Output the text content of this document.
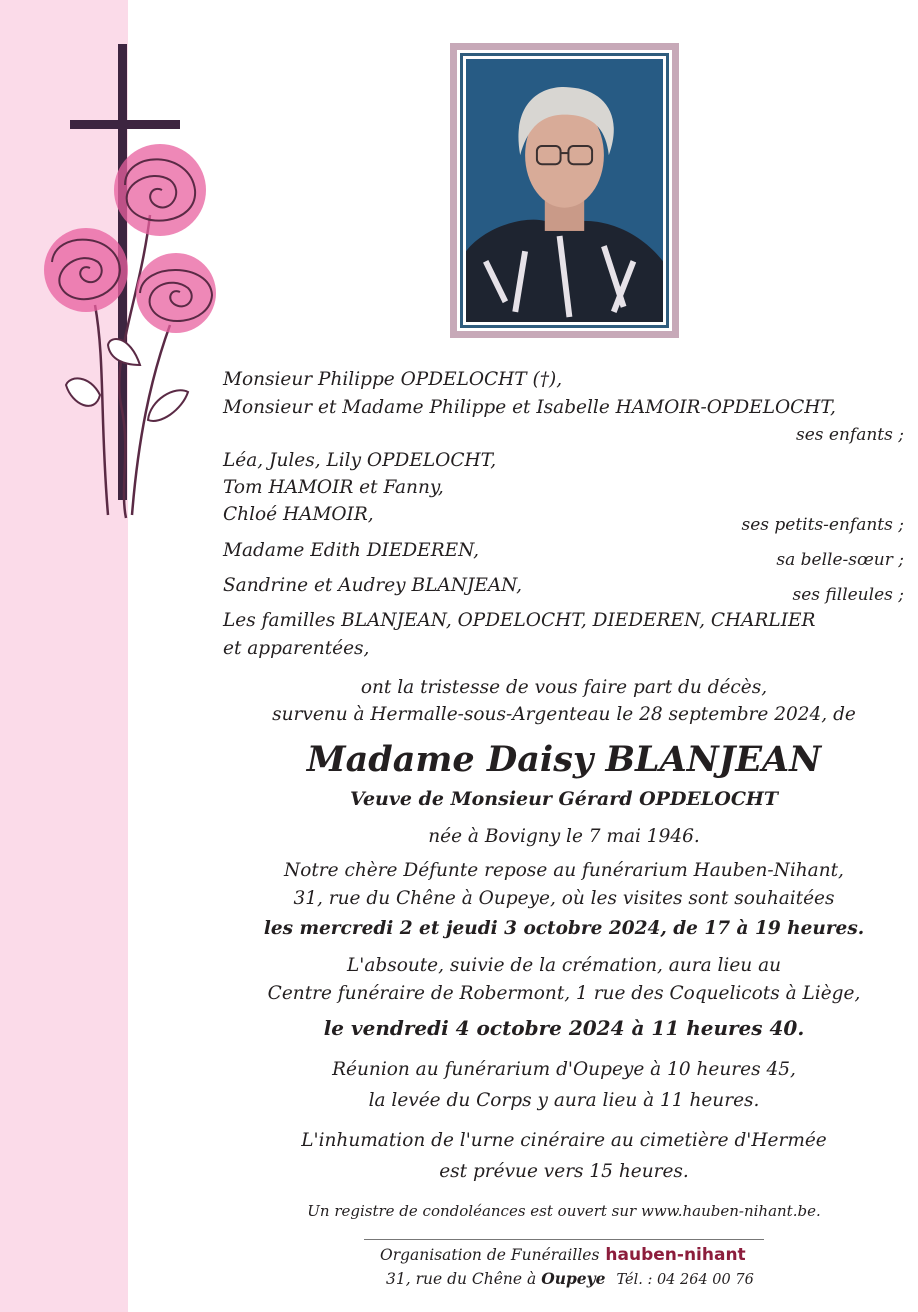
Monsieur Philippe OPDELOCHT (†),

Monsieur et Madame Philippe et Isabelle HAMOIR-OPDELOCHT,

ses enfants ;

Léa, Jules, Lily OPDELOCHT,

Tom HAMOIR et Fanny,

Chloé HAMOIR,	ses petits-enfants ;

Madame Edith DIEDEREN,	sa belle-sœur ;

Sandrine et Audrey BLANJEAN,	ses filleules ;

Les familles BLANJEAN, OPDELOCHT, DIEDEREN, CHARLIER

et apparentées,

ont la tristesse de vous faire part du décès,

survenu à Hermalle-sous-Argenteau le 28 septembre 2024, de

Madame Daisy BLANJEAN

Veuve de Monsieur Gérard OPDELOCHT

née à Bovigny le 7 mai 1946.

Notre chère Défunte repose au funérarium Hauben-Nihant,

31, rue du Chêne à Oupeye, où les visites sont souhaitées

les mercredi 2 et jeudi 3 octobre 2024, de 17 à 19 heures.

L'absoute, suivie de la crémation, aura lieu au

Centre funéraire de Robermont, 1 rue des Coquelicots à Liège,

le vendredi 4 octobre 2024 à 11 heures 40.

Réunion au funérarium d'Oupeye à 10 heures 45,

la levée du Corps y aura lieu à 11 heures.

L'inhumation de l'urne cinéraire au cimetière d'Hermée

est prévue vers 15 heures.

Un registre de condoléances est ouvert sur www.hauben-nihant.be.

Organisation de Funérailles hauben-nihant
31, rue du Chêne à Oupeye Tél. : 04 264 00 76
